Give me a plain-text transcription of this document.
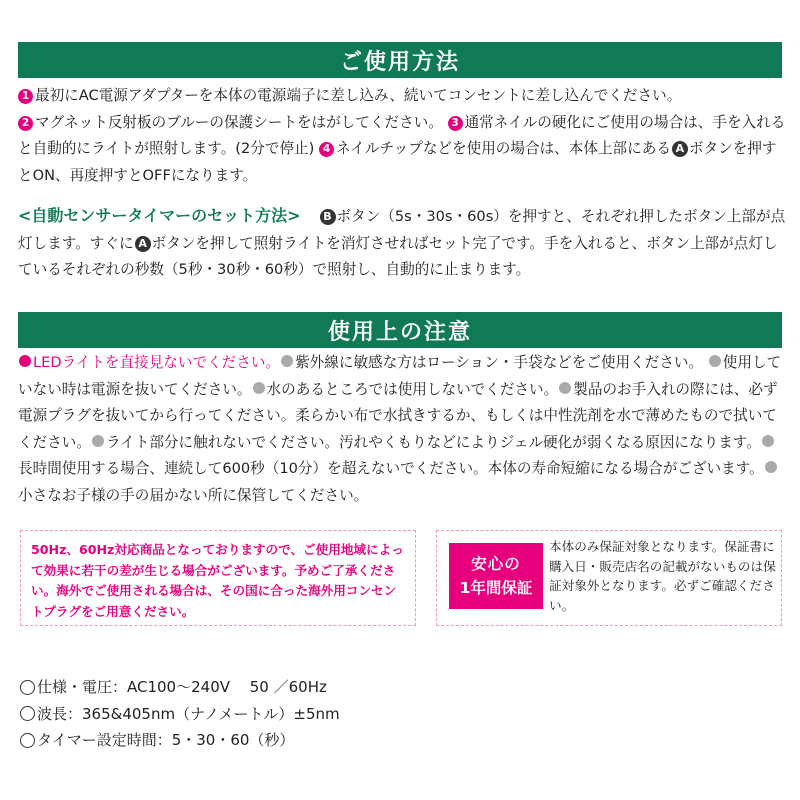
ご使用方法
1 最初にAC電源アダプターを本体の電源端子に差し込み、続いてコンセントに差し込んでください。
2 マグネット反射板のブルーの保護シートをはがしてください。 3 通常ネイルの硬化にご使用の場合は、手を入れると自動的にライトが照射します。(2分で停止) 4 ネイルチップなどを使用の場合は、本体上部にある A ボタンを押すとON、再度押すとOFFになります。
<自動センサータイマーのセット方法> B ボタン（5s・30s・60s）を押すと、それぞれ押したボタン上部が点灯します。すぐに A ボタンを押して照射ライトを消灯させればセット完了です。手を入れると、ボタン上部が点灯しているそれぞれの秒数（5秒・30秒・60秒）で照射し、自動的に止まります。
使用上の注意
LEDライトを直接見ないでください。 紫外線に敏感な方はローション・手袋などをご使用ください。 使用していない時は電源を抜いてください。 水のあるところでは使用しないでください。 製品のお手入れの際には、必ず電源プラグを抜いてから行ってください。柔らかい布で水拭きするか、もしくは中性洗剤を水で薄めたもので拭いてください。 ライト部分に触れないでください。汚れやくもりなどによりジェル硬化が弱くなる原因になります。長時間使用する場合、連続して600秒（10分）を超えないでください。本体の寿命短縮になる場合がございます。小さなお子様の手の届かない所に保管してください。

50Hz、60Hz対応商品となっておりますので、ご使用地域によって効果に若干の差が生じる場合がございます。予めご了承ください。海外でご使用される場合は、その国に合った海外用コンセントプラグをご用意ください。

安心の
1年間保証
本体のみ保証対象となります。保証書に購入日・販売店名の記載がないものは保証対象外となります。必ずご確認ください。
仕様・電圧：AC100〜240V　 50 ／60Hz
波長：365&405nm（ナノメートル）±5nm
タイマー設定時間：5・30・60（秒）
